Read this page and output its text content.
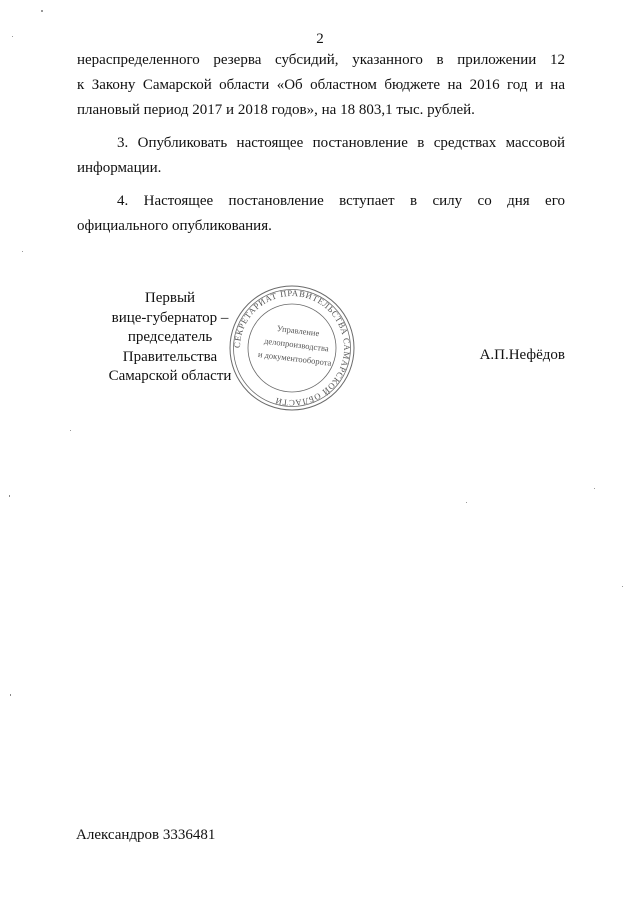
2

нераспределенного резерва субсидий, указанного в приложении 12
к Закону Самарской области «Об областном бюджете на 2016 год и на
плановый период 2017 и 2018 годов», на 18 803,1 тыс. рублей.

3. Опубликовать настоящее постановление в средствах массовой информации.

4. Настоящее постановление вступает в силу со дня его официального опубликования.

Первый
вице-губернатор –
председатель Правительства
Самарской области
СЕКРЕТАРИАТ ПРАВИТЕЛЬСТВА САМАРСКОЙ ОБЛАСТИ
Управление
делопроизводства
и документооборота	А.П.Нефёдов
Александров 3336481
